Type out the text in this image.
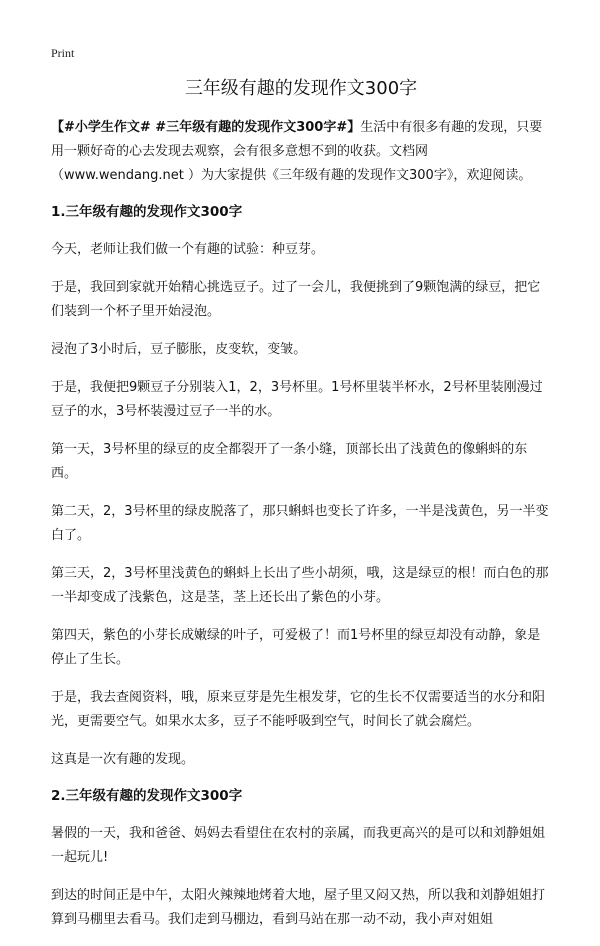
Print
三年级有趣的发现作文300字

【#小学生作文# #三年级有趣的发现作文300字#】生活中有很多有趣的发现，只要用一颗好奇的心去发现去观察，会有很多意想不到的收获。文档网（www.wendang.net ）为大家提供《三年级有趣的发现作文300字》，欢迎阅读。

1.三年级有趣的发现作文300字

今天，老师让我们做一个有趣的试验：种豆芽。

于是，我回到家就开始精心挑选豆子。过了一会儿，我便挑到了9颗饱满的绿豆，把它们装到一个杯子里开始浸泡。

浸泡了3小时后，豆子膨胀，皮变软，变皱。

于是，我便把9颗豆子分别装入1，2，3号杯里。1号杯里装半杯水，2号杯里装刚漫过豆子的水，3号杯装漫过豆子一半的水。

第一天，3号杯里的绿豆的皮全都裂开了一条小缝，顶部长出了浅黄色的像蝌蚪的东西。

第二天，2，3号杯里的绿皮脱落了，那只蝌蚪也变长了许多，一半是浅黄色，另一半变白了。

第三天，2，3号杯里浅黄色的蝌蚪上长出了些小胡须，哦，这是绿豆的根！而白色的那一半却变成了浅紫色，这是茎，茎上还长出了紫色的小芽。

第四天，紫色的小芽长成嫩绿的叶子，可爱极了！而1号杯里的绿豆却没有动静，象是停止了生长。

于是，我去查阅资料，哦，原来豆芽是先生根发芽，它的生长不仅需要适当的水分和阳光，更需要空气。如果水太多，豆子不能呼吸到空气，时间长了就会腐烂。

这真是一次有趣的发现。

2.三年级有趣的发现作文300字

暑假的一天，我和爸爸、妈妈去看望住在农村的亲属，而我更高兴的是可以和刘静姐姐一起玩儿!

到达的时间正是中午，太阳火辣辣地烤着大地，屋子里又闷又热，所以我和刘静姐姐打算到马棚里去看马。我们走到马棚边，看到马站在那一动不动，我小声对姐姐
